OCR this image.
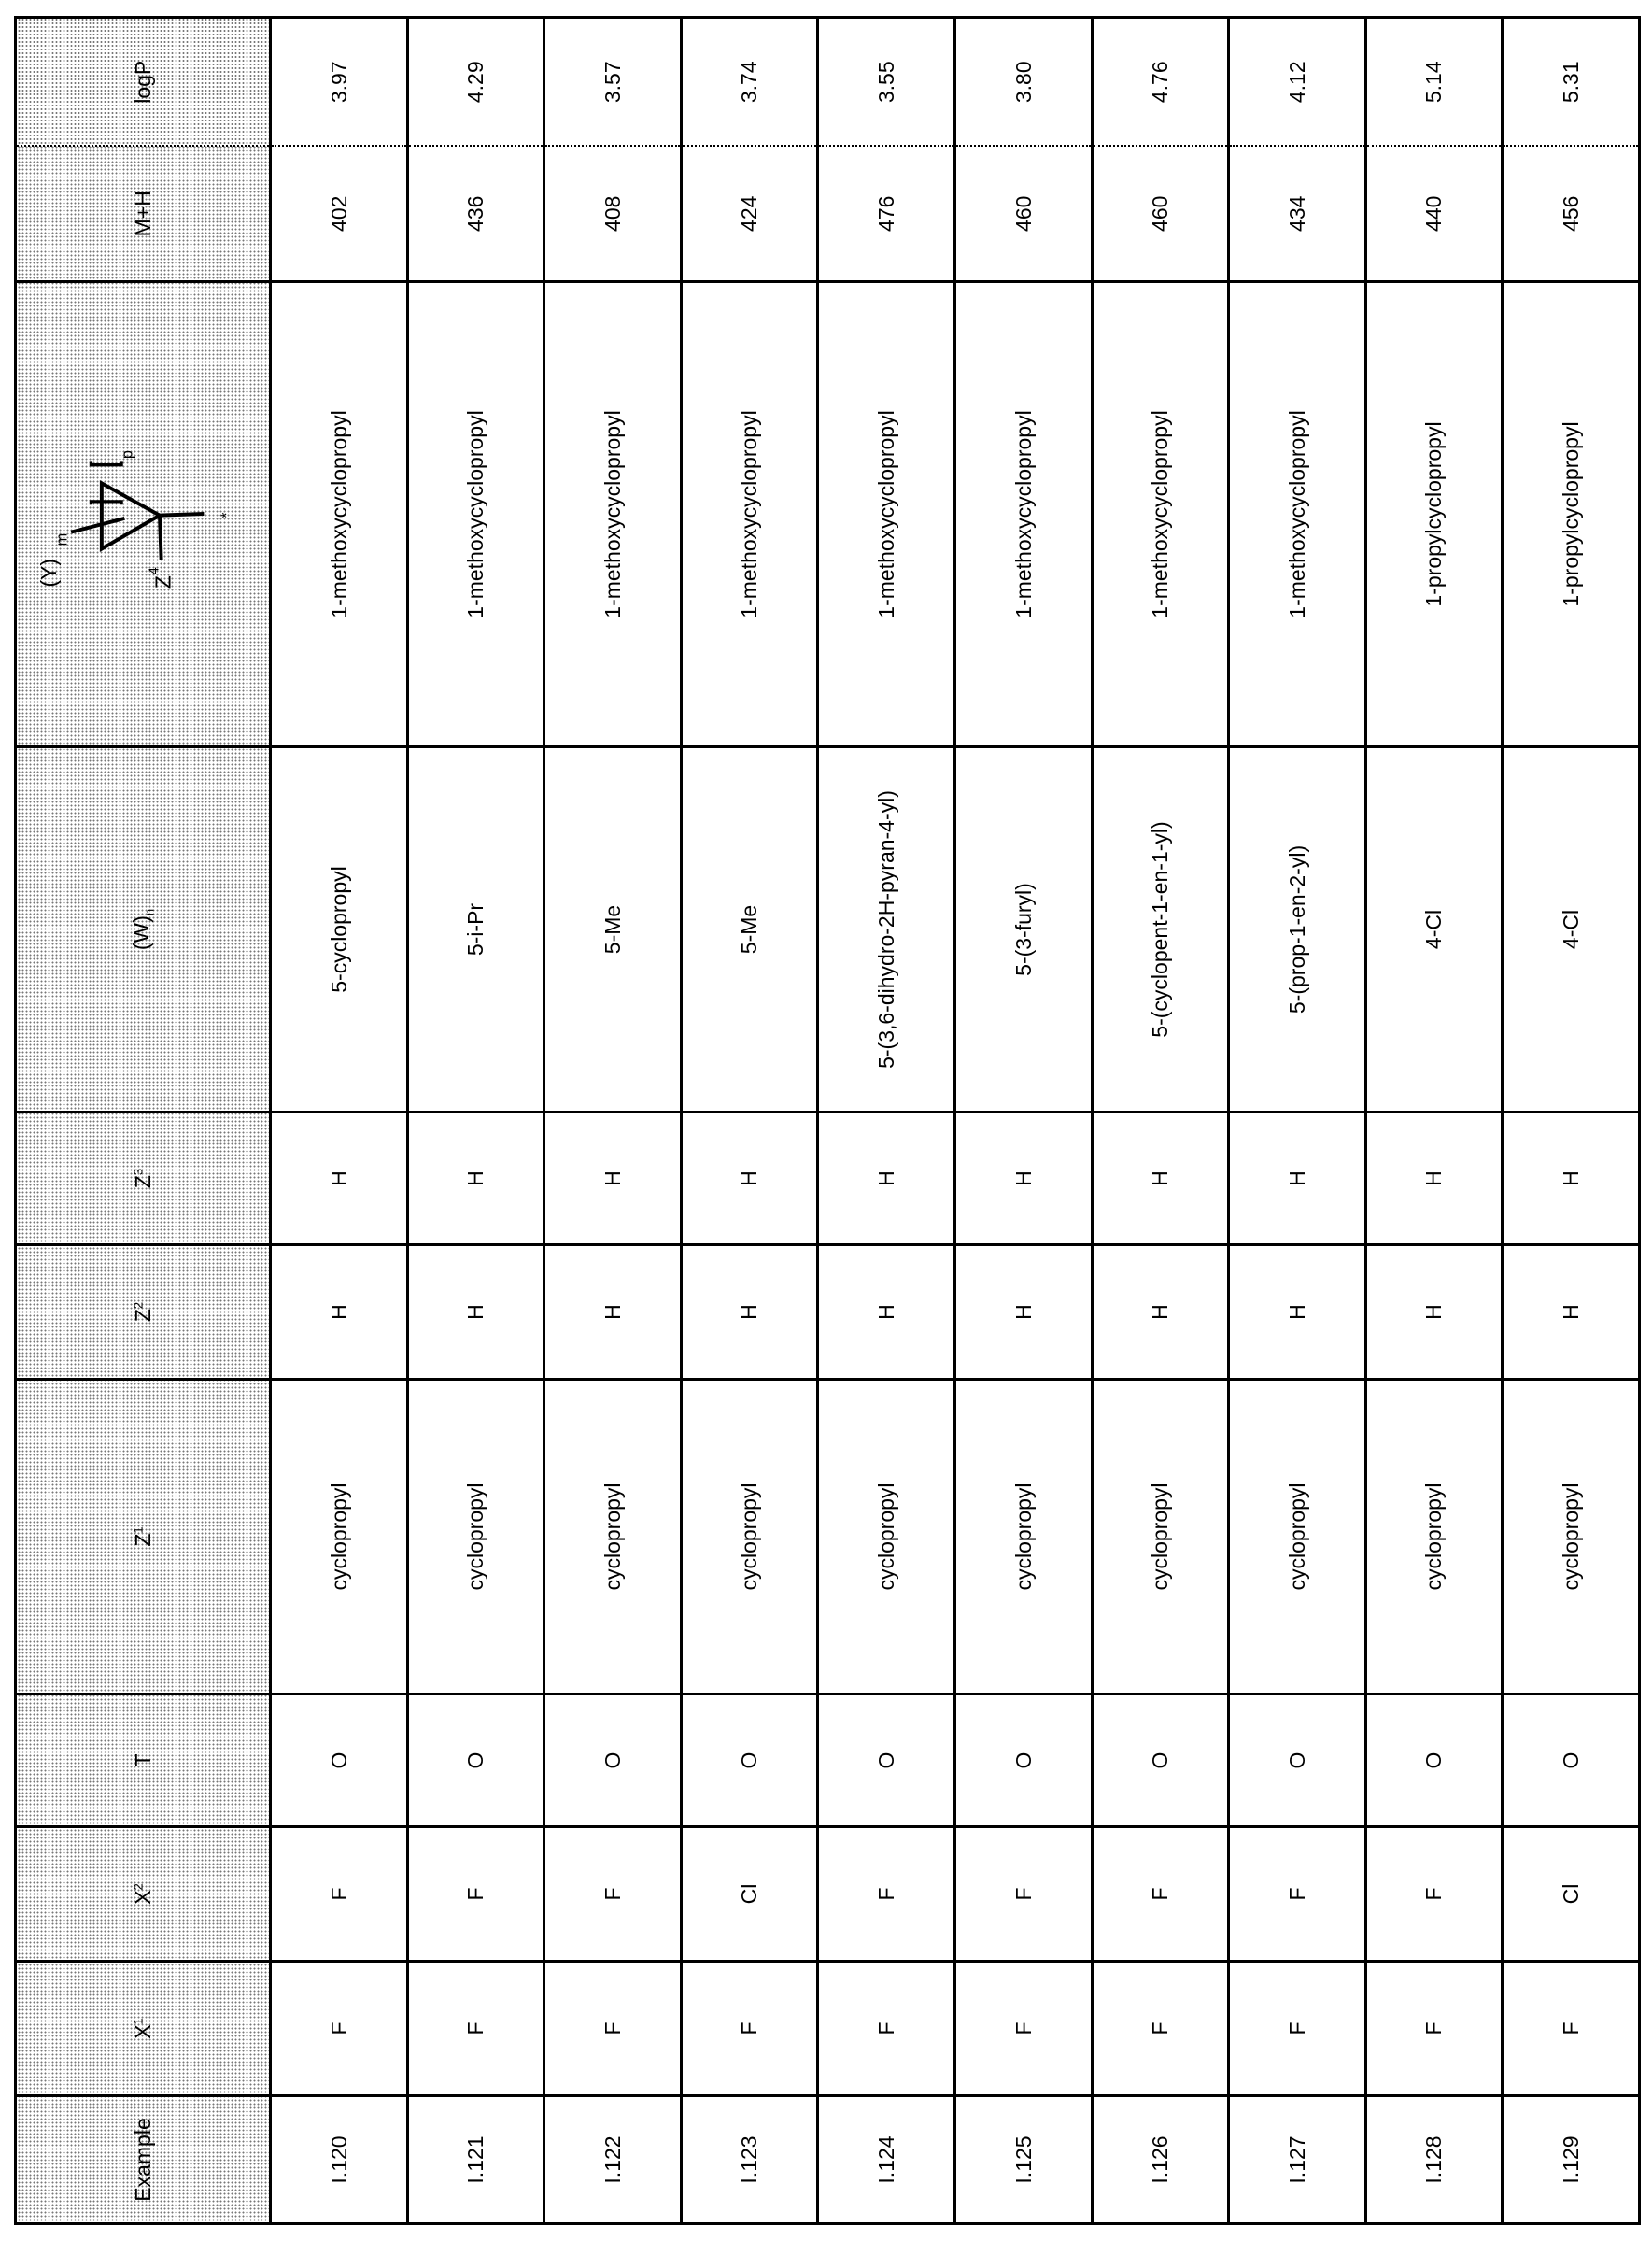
Example	X1	X2	T	Z1	Z2	Z3	(W)n	
(Y)
m
p
Z
4
*
	M+H	logP
I.120	F	F	O	cyclopropyl	H	H	5-cyclopropyl	1-methoxycyclopropyl	402	3.97
I.121	F	F	O	cyclopropyl	H	H	5-i-Pr	1-methoxycyclopropyl	436	4.29
I.122	F	F	O	cyclopropyl	H	H	5-Me	1-methoxycyclopropyl	408	3.57
I.123	F	Cl	O	cyclopropyl	H	H	5-Me	1-methoxycyclopropyl	424	3.74
I.124	F	F	O	cyclopropyl	H	H	5-(3,6-dihydro-2H-pyran-4-yl)	1-methoxycyclopropyl	476	3.55
I.125	F	F	O	cyclopropyl	H	H	5-(3-furyl)	1-methoxycyclopropyl	460	3.80
I.126	F	F	O	cyclopropyl	H	H	5-(cyclopent-1-en-1-yl)	1-methoxycyclopropyl	460	4.76
I.127	F	F	O	cyclopropyl	H	H	5-(prop-1-en-2-yl)	1-methoxycyclopropyl	434	4.12
I.128	F	F	O	cyclopropyl	H	H	4-Cl	1-propylcyclopropyl	440	5.14
I.129	F	Cl	O	cyclopropyl	H	H	4-Cl	1-propylcyclopropyl	456	5.31
